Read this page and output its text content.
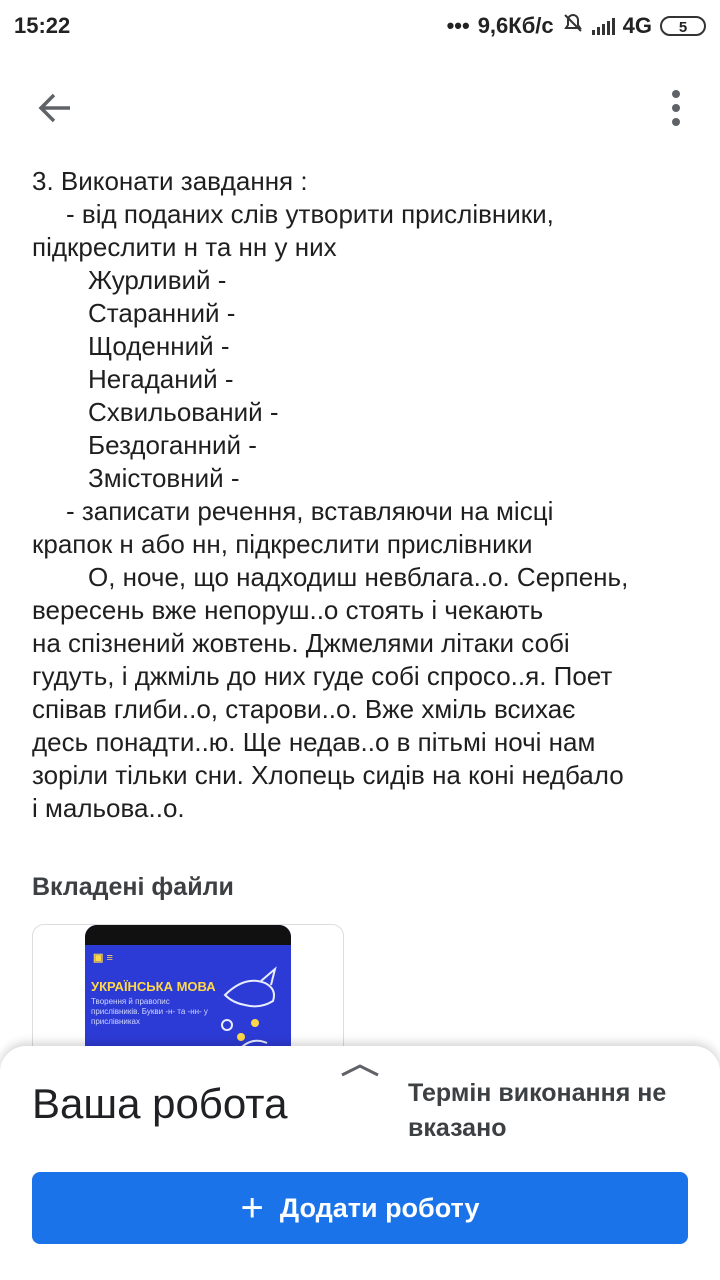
15:22	••• 9,6Кб/с	4G	5

3. Виконати завдання :

- від поданих слів утворити прислівники,

підкреслити н та нн у них

Журливий -

Старанний -

Щоденний -

Негаданий -

Схвильований -

Бездоганний -

Змістовний -

- записати речення, вставляючи на місці

крапок н або нн, підкреслити прислівники

О, ноче, що надходиш невблага..о. Серпень,

вересень вже непоруш..о стоять і чекають

на спізнений жовтень. Джмелями літаки собі

гудуть, і джміль до них гуде собі спросо..я. Поет

співав глиби..о, старови..о. Вже хміль всихає

десь понадти..ю. Ще недав..о в пітьмі ночі нам

зоріли тільки сни. Хлопець сидів на коні недбало

і мальова..о.

Вкладені файли
▣ ≡
УКРАЇНСЬКА МОВА
Творення й правопис прислівників. Букви -н- та -нн- у прислівниках
Ваша робота	Термін виконання не вказано
+ Додати роботу
